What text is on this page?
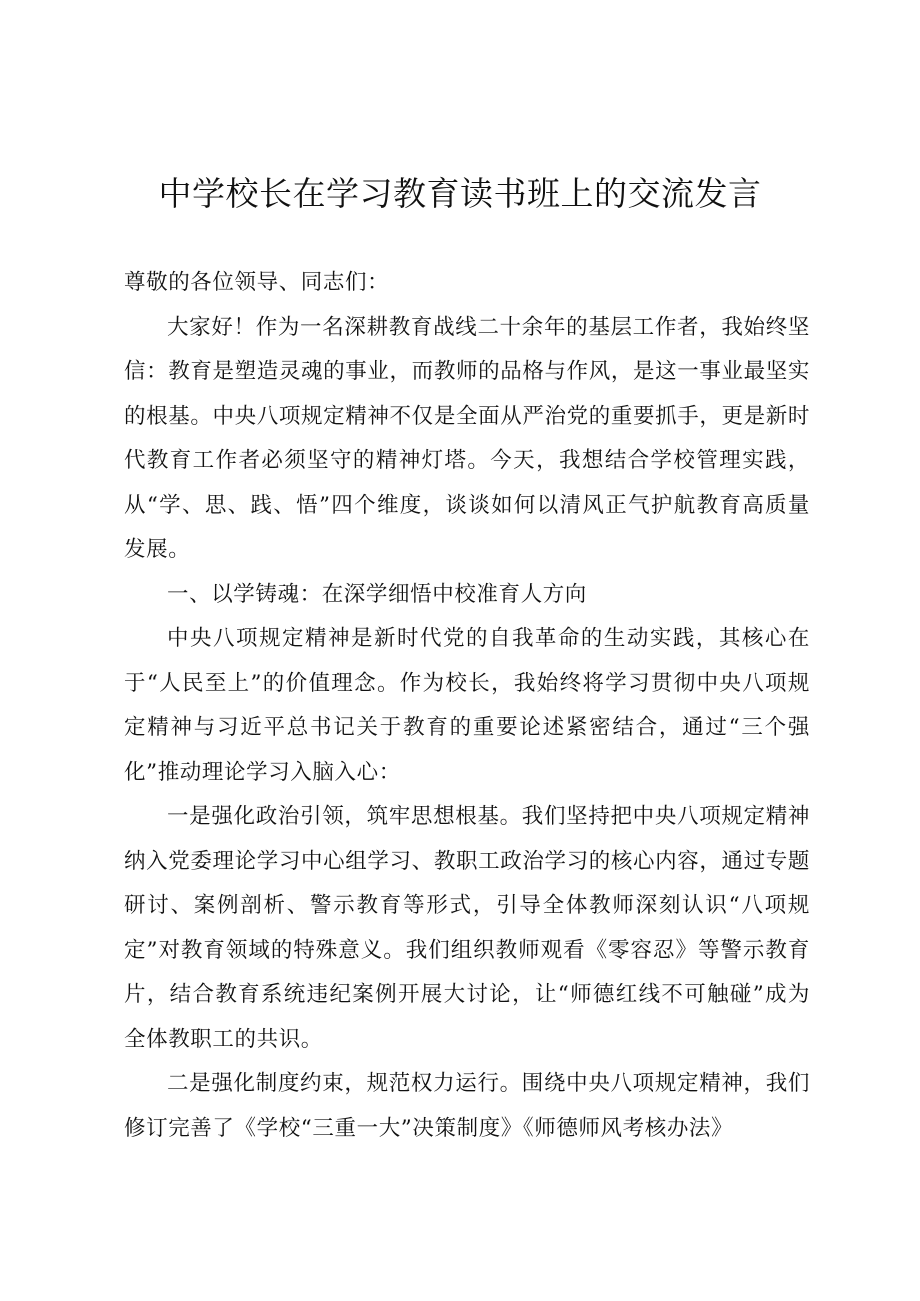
中学校长在学习教育读书班上的交流发言

尊敬的各位领导、同志们：

大家好！作为一名深耕教育战线二十余年的基层工作者，我始终坚信：教育是塑造灵魂的事业，而教师的品格与作风，是这一事业最坚实的根基。中央八项规定精神不仅是全面从严治党的重要抓手，更是新时代教育工作者必须坚守的精神灯塔。今天，我想结合学校管理实践，从“学、思、践、悟”四个维度，谈谈如何以清风正气护航教育高质量发展。

一、以学铸魂：在深学细悟中校准育人方向

中央八项规定精神是新时代党的自我革命的生动实践，其核心在于“人民至上”的价值理念。作为校长，我始终将学习贯彻中央八项规定精神与习近平总书记关于教育的重要论述紧密结合，通过“三个强化”推动理论学习入脑入心：

一是强化政治引领，筑牢思想根基。我们坚持把中央八项规定精神纳入党委理论学习中心组学习、教职工政治学习的核心内容，通过专题研讨、案例剖析、警示教育等形式，引导全体教师深刻认识“八项规定”对教育领域的特殊意义。我们组织教师观看《零容忍》等警示教育片，结合教育系统违纪案例开展大讨论，让“师德红线不可触碰”成为全体教职工的共识。

二是强化制度约束，规范权力运行。围绕中央八项规定精神，我们修订完善了《学校“三重一大”决策制度》《师德师风考核办法》
